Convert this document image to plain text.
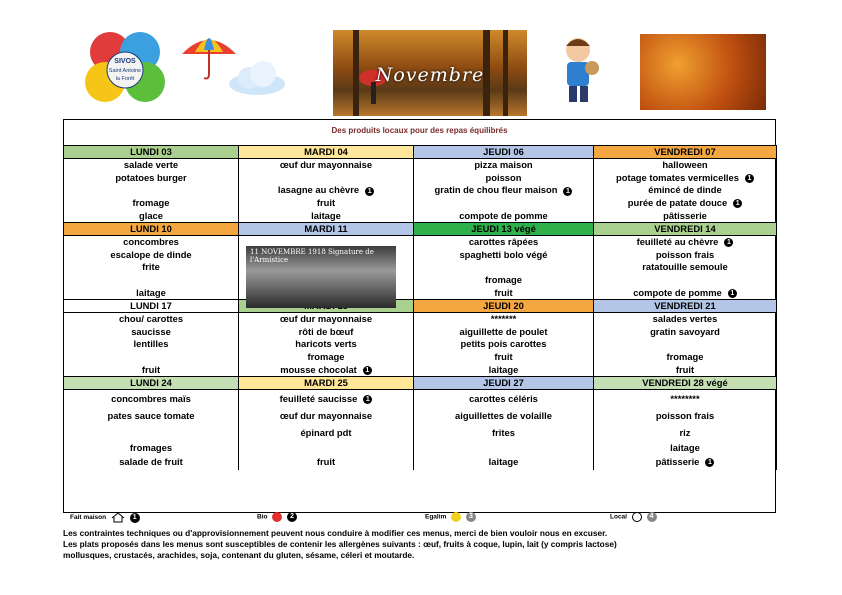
SIVOS
Saint Antoine
la Forêt	Novembre
Des produits locaux pour des repas équilibrés
LUNDI 03	MARDI 04	JEUDI 06	VENDREDI 07
salade verte	œuf dur mayonnaise	pizza maison	halloween
potatoes burger		poisson	potage tomates vermicelles 1
	lasagne au chèvre 1	gratin de chou fleur maison 1	émincé de dinde
fromage	fruit		purée de patate douce 1
glace	laitage	compote de pomme	pâtisserie
LUNDI 10	MARDI 11	JEUDI 13 végé	VENDREDI 14
concombres		carottes râpées	feuilleté au chèvre 1
escalope de dinde		spaghetti bolo végé	poisson frais
frite			ratatouille semoule
		fromage	
laitage		fruit	compote de pomme 1
LUNDI 17		JEUDI 20	VENDREDI 21
chou/ carottes	œuf dur mayonnaise	*******	salades vertes
saucisse	rôti de bœuf	aiguillette de poulet	gratin savoyard
lentilles	haricots verts	petits pois carottes	
	fromage	fruit	fromage
fruit	mousse chocolat 1	laitage	fruit
LUNDI 24	MARDI 25	JEUDI 27	VENDREDI 28 végé
concombres maïs	feuilleté saucisse 1	carottes céléris	********
pates sauce tomate	œuf dur mayonnaise	aiguillettes de volaille	poisson frais
	épinard pdt	frites	riz
fromages			laitage
salade de fruit	fruit	laitage	pâtisserie 1
11 NOVEMBRE 1918 Signature de l'Armistice
Fait maison	1	Bio	2	Egalim	3	Local	4
Les contraintes techniques ou d'approvisionnement peuvent nous conduire à modifier ces menus, merci de bien vouloir nous en excuser.
Les plats proposés dans les menus sont susceptibles de contenir les allergènes suivants : œuf, fruits à coque, lupin, lait (y compris lactose)
mollusques, crustacés, arachides, soja, contenant du gluten, sésame, céleri et moutarde.
